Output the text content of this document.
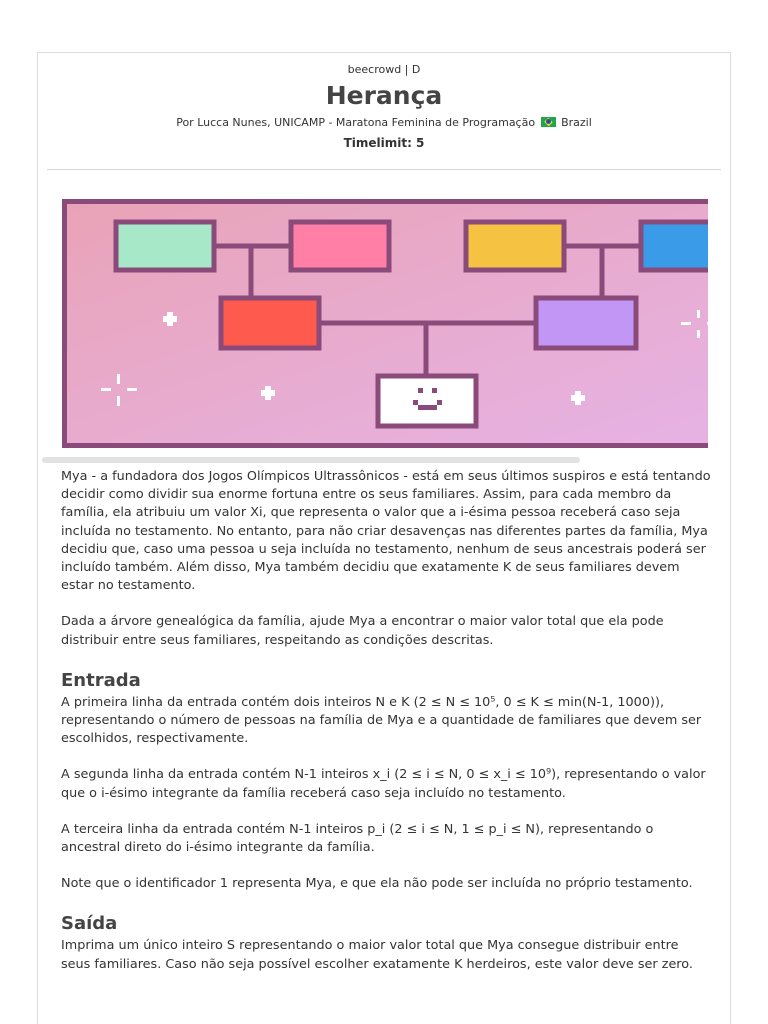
beecrowd | D
Herança
Por Lucca Nunes, UNICAMP - Maratona Feminina de Programação Brazil
Timelimit: 5

Mya - a fundadora dos Jogos Olímpicos Ultrassônicos - está em seus últimos suspiros e está tentando decidir como dividir sua enorme fortuna entre os seus familiares. Assim, para cada membro da família, ela atribuiu um valor Xi, que representa o valor que a i-ésima pessoa receberá caso seja incluída no testamento. No entanto, para não criar desavenças nas diferentes partes da família, Mya decidiu que, caso uma pessoa u seja incluída no testamento, nenhum de seus ancestrais poderá ser incluído também. Além disso, Mya também decidiu que exatamente K de seus familiares devem estar no testamento.

Dada a árvore genealógica da família, ajude Mya a encontrar o maior valor total que ela pode distribuir entre seus familiares, respeitando as condições descritas.

Entrada

A primeira linha da entrada contém dois inteiros N e K (2 ≤ N ≤ 10⁵, 0 ≤ K ≤ min(N-1, 1000)), representando o número de pessoas na família de Mya e a quantidade de familiares que devem ser escolhidos, respectivamente.

A segunda linha da entrada contém N-1 inteiros x_i (2 ≤ i ≤ N, 0 ≤ x_i ≤ 10⁹), representando o valor que o i-ésimo integrante da família receberá caso seja incluído no testamento.

A terceira linha da entrada contém N-1 inteiros p_i (2 ≤ i ≤ N, 1 ≤ p_i ≤ N), representando o ancestral direto do i-ésimo integrante da família.

Note que o identificador 1 representa Mya, e que ela não pode ser incluída no próprio testamento.

Saída

Imprima um único inteiro S representando o maior valor total que Mya consegue distribuir entre seus familiares. Caso não seja possível escolher exatamente K herdeiros, este valor deve ser zero.
